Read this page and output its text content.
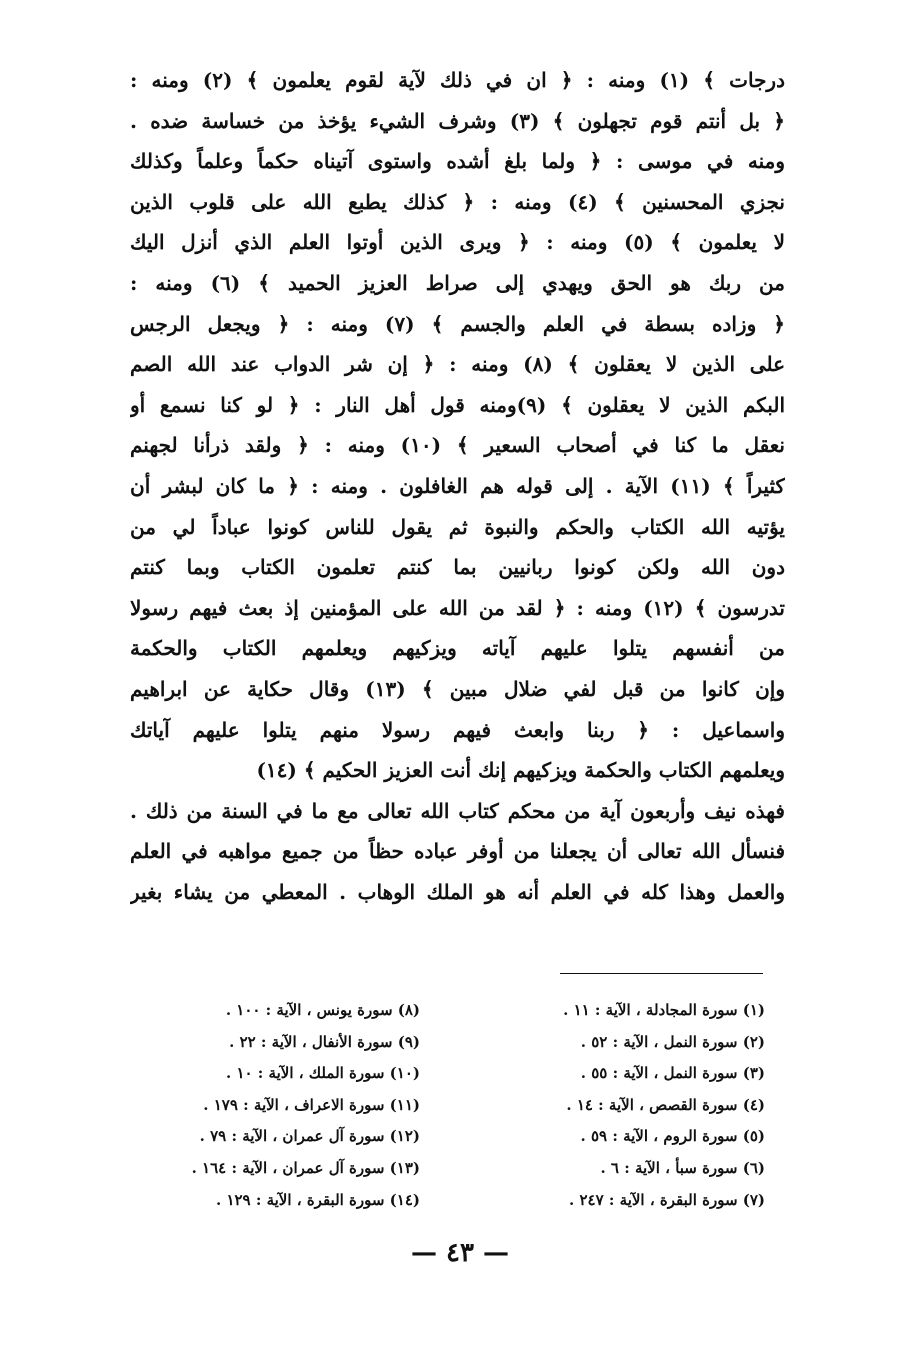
درجات ﴾ (١) ومنه : ﴿ ان في ذلك لآية لقوم يعلمون ﴾ (٢) ومنه :
﴿ بل أنتم قوم تجهلون ﴾ (٣) وشرف الشيء يؤخذ من خساسة ضده .
ومنه في موسى : ﴿ ولما بلغ أشده واستوى آتيناه حكماً وعلماً وكذلك
نجزي المحسنين ﴾ (٤) ومنه : ﴿ كذلك يطبع الله على قلوب الذين
لا يعلمون ﴾ (٥) ومنه : ﴿ ويرى الذين أوتوا العلم الذي أنزل اليك
من ربك هو الحق ويهدي إلى صراط العزيز الحميد ﴾ (٦) ومنه :
﴿ وزاده بسطة في العلم والجسم ﴾ (٧) ومنه : ﴿ ويجعل الرجس
على الذين لا يعقلون ﴾ (٨) ومنه : ﴿ إن شر الدواب عند الله الصم
البكم الذين لا يعقلون ﴾ (٩)ومنه قول أهل النار : ﴿ لو كنا نسمع أو
نعقل ما كنا في أصحاب السعير ﴾ (١٠) ومنه : ﴿ ولقد ذرأنا لجهنم
كثيراً ﴾ (١١) الآية . إلى قوله هم الغافلون . ومنه : ﴿ ما كان لبشر أن
يؤتيه الله الكتاب والحكم والنبوة ثم يقول للناس كونوا عباداً لي من
دون الله ولكن كونوا ربانيين بما كنتم تعلمون الكتاب وبما كنتم
تدرسون ﴾ (١٢) ومنه : ﴿ لقد من الله على المؤمنين إذ بعث فيهم رسولا
من أنفسهم يتلوا عليهم آياته ويزكيهم ويعلمهم الكتاب والحكمة
وإن كانوا من قبل لفي ضلال مبين ﴾ (١٣) وقال حكاية عن ابراهيم
واسماعيل : ﴿ ربنا وابعث فيهم رسولا منهم يتلوا عليهم آياتك
ويعلمهم الكتاب والحكمة ويزكيهم إنك أنت العزيز الحكيم ﴾ (١٤)
فهذه نيف وأربعون آية من محكم كتاب الله تعالى مع ما في السنة من ذلك .
فنسأل الله تعالى أن يجعلنا من أوفر عباده حظاً من جميع مواهبه في العلم
والعمل وهذا كله في العلم أنه هو الملك الوهاب . المعطي من يشاء بغير
(١) سورة المجادلة ، الآية : ١١ .
(٢) سورة النمل ، الآية : ٥٢ .
(٣) سورة النمل ، الآية : ٥٥ .
(٤) سورة القصص ، الآية : ١٤ .
(٥) سورة الروم ، الآية : ٥٩ .
(٦) سورة سبأ ، الآية : ٦ ‌.
(٧) سورة البقرة ، الآية : ٢٤٧ .
(٨) سورة يونس ، الآية : ١٠٠ .
(٩) سورة الأنفال ، الآية : ٢٢ .
(١٠) سورة الملك ، الآية : ١٠ .
(١١) سورة الاعراف ، الآية : ١٧٩ .
(١٢) سورة آل عمران ، الآية : ٧٩ .
(١٣) سورة آل عمران ، الآية : ١٦٤ .
(١٤) سورة البقرة ، الآية : ١٢٩ .
— ٤٣ —
